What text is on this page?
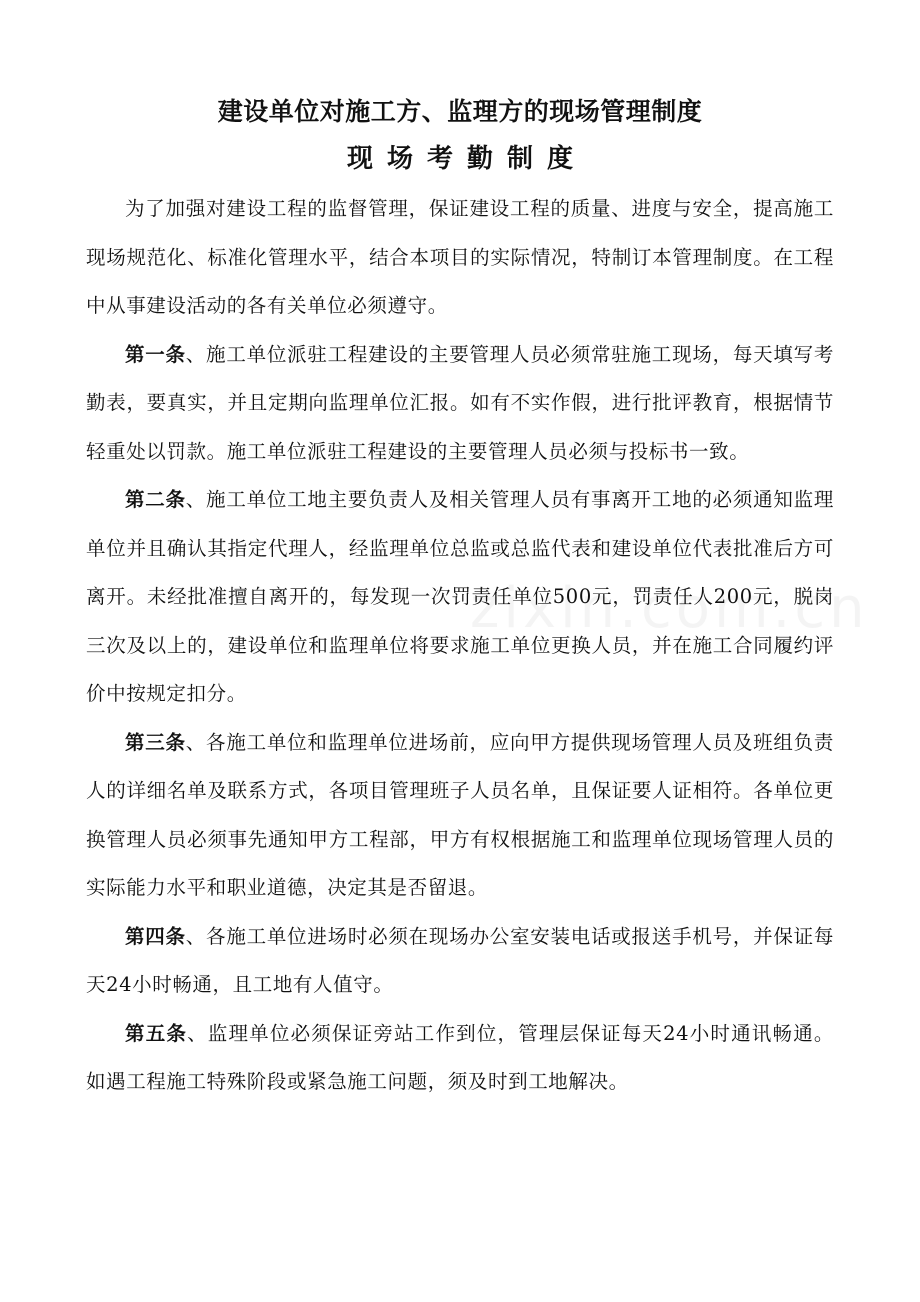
建设单位对施工方、监理方的现场管理制度
现场考勤制度

为了加强对建设工程的监督管理，保证建设工程的质量、进度与安全，提高施工现场规范化、标准化管理水平，结合本项目的实际情况，特制订本管理制度。在工程中从事建设活动的各有关单位必须遵守。

第一条、施工单位派驻工程建设的主要管理人员必须常驻施工现场，每天填写考勤表，要真实，并且定期向监理单位汇报。如有不实作假，进行批评教育，根据情节轻重处以罚款。施工单位派驻工程建设的主要管理人员必须与投标书一致。

第二条、施工单位工地主要负责人及相关管理人员有事离开工地的必须通知监理单位并且确认其指定代理人，经监理单位总监或总监代表和建设单位代表批准后方可离开。未经批准擅自离开的，每发现一次罚责任单位500元，罚责任人200元，脱岗三次及以上的，建设单位和监理单位将要求施工单位更换人员，并在施工合同履约评价中按规定扣分。

第三条、各施工单位和监理单位进场前，应向甲方提供现场管理人员及班组负责人的详细名单及联系方式，各项目管理班子人员名单，且保证要人证相符。各单位更换管理人员必须事先通知甲方工程部，甲方有权根据施工和监理单位现场管理人员的实际能力水平和职业道德，决定其是否留退。

第四条、各施工单位进场时必须在现场办公室安装电话或报送手机号，并保证每天24小时畅通，且工地有人值守。

第五条、监理单位必须保证旁站工作到位，管理层保证每天24小时通讯畅通。如遇工程施工特殊阶段或紧急施工问题，须及时到工地解决。
